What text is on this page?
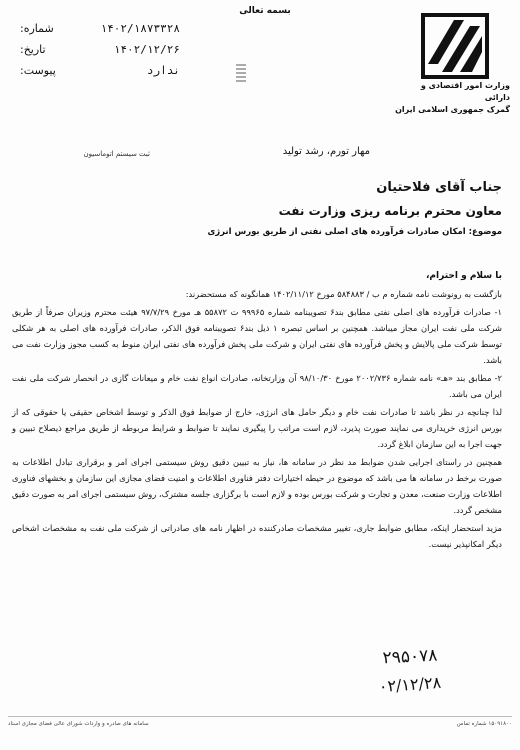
بسمه تعالی
شماره:	۱۴۰۲/۱۸۷۳۳۲۸
تاریخ:	۱۴۰۲/۱۲/۲۶
پیوست:	ندارد
وزارت امور اقتصادی و دارائی
گمرک جمهوری اسلامی ایران
ثبت سیستم اتوماسیون	مهار تورم، رشد تولید
جناب آقای فلاحتیان
معاون محترم برنامه ریزی وزارت نفت
موضوع: امکان صادرات فرآورده های اصلی نفتی از طریق بورس انرژی

با سلام و احترام،

بازگشت به رونوشت نامه شماره م ب / ۵۸۴۸۸۳ مورخ ۱۴۰۲/۱۱/۱۲ همانگونه که مستحضرند:

۱- صادرات فرآورده های اصلی نفتی مطابق بند۶ تصویبنامه شماره ۹۹۹۶۵ ت ۵۵۸۷۲ هـ مورخ ۹۷/۷/۲۹ هیئت محترم وزیران صرفاً از طریق شرکت ملی نفت ایران مجاز میباشد. همچنین بر اساس تبصره ۱ ذیل بند۶ تصویبنامه فوق الذکر، صادرات فرآورده های اصلی به هر شکلی توسط شرکت ملی پالایش و پخش فرآورده های نفتی ایران و شرکت ملی پخش فرآورده های نفتی ایران منوط به کسب مجوز وزارت نفت می باشد.

۲- مطابق بند «هـ» نامه شماره ۲۰۰۲/۷۳۶ مورخ ۹۸/۱۰/۳۰ آن وزارتخانه، صادرات انواع نفت خام و میعانات گازی در انحصار شرکت ملی نفت ایران می باشد.

لذا چنانچه در نظر باشد تا صادرات نفت خام و دیگر حامل های انرژی، خارج از ضوابط فوق الذکر و توسط اشخاص حقیقی یا حقوقی که از بورس انرژی خریداری می نمایند صورت پذیرد، لازم است مراتب را پیگیری نمایند تا ضوابط و شرایط مربوطه از طریق مراجع ذیصلاح تبیین و جهت اجرا به این سازمان ابلاغ گردد.

همچنین در راستای اجرایی شدن ضوابط مد نظر در سامانه ها، نیاز به تبیین دقیق روش سیستمی اجرای امر و برقراری تبادل اطلاعات به صورت برخط در سامانه ها می باشد که موضوع در حیطه اختیارات دفتر فناوری اطلاعات و امنیت فضای مجازی این سازمان و بخشهای فناوری اطلاعات وزارت صنعت، معدن و تجارت و شرکت بورس بوده و لازم است با برگزاری جلسه مشترک، روش سیستمی اجرای امر به صورت دقیق مشخص گردد.

مزید استحضار اینکه، مطابق ضوابط جاری، تغییر مشخصات صادرکننده در اظهار نامه های صادراتی از شرکت ملی نفت به مشخصات اشخاص دیگر امکانپذیر نیست.

۲۹۵۰۷۸
۰۲/۱۲/۲۸
سامانه های صادره و واردات شورای عالی فضای مجازی اسناد	۱۵۰۹۱۸۰۰ شماره تماس
